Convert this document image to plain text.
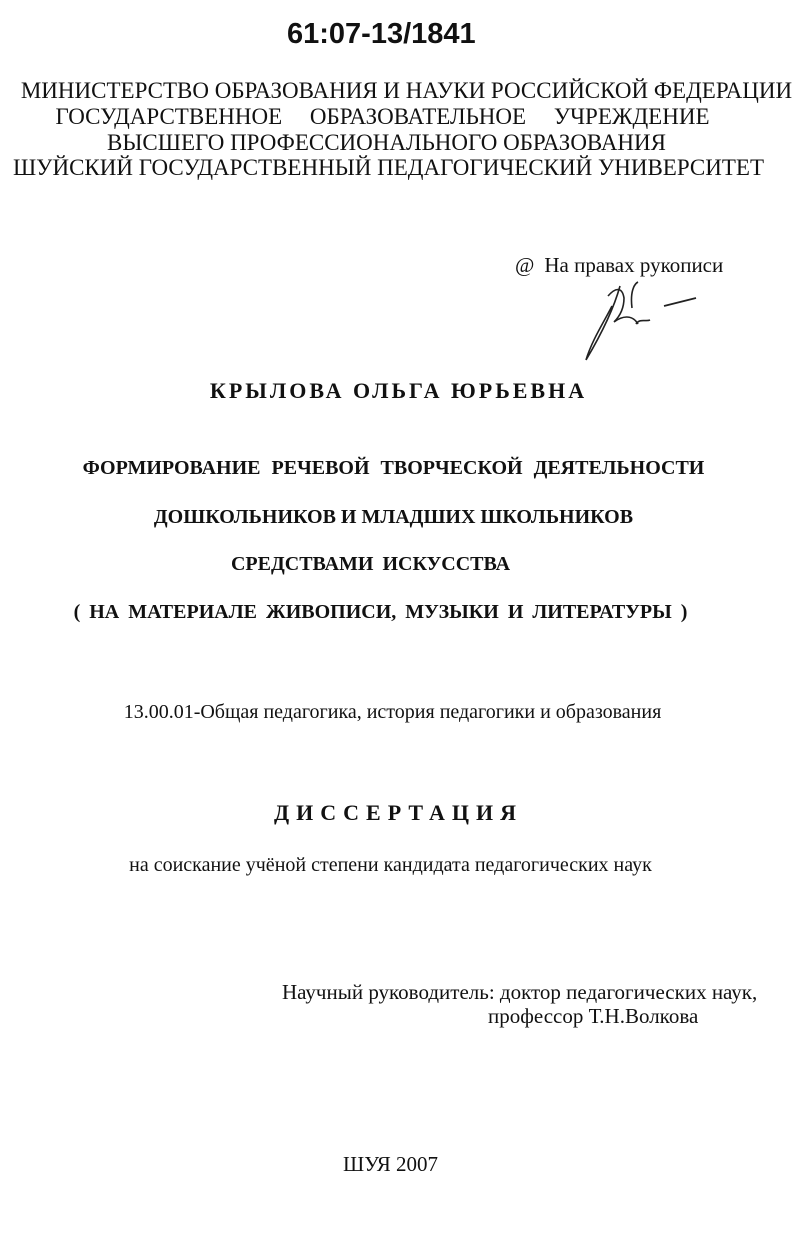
61:07-13/1841
МИНИСТЕРСТВО ОБРАЗОВАНИЯ И НАУКИ РОССИЙСКОЙ ФЕДЕРАЦИИ
ГОСУДАРСТВЕННОЕ ОБРАЗОВАТЕЛЬНОЕ УЧРЕЖДЕНИЕ
ВЫСШЕГО ПРОФЕССИОНАЛЬНОГО ОБРАЗОВАНИЯ
ШУЙСКИЙ ГОСУДАРСТВЕННЫЙ ПЕДАГОГИЧЕСКИЙ УНИВЕРСИТЕТ
@ На правах рукописи
КРЫЛОВА ОЛЬГА ЮРЬЕВНА
ФОРМИРОВАНИЕ РЕЧЕВОЙ ТВОРЧЕСКОЙ ДЕЯТЕЛЬНОСТИ
ДОШКОЛЬНИКОВ И МЛАДШИХ ШКОЛЬНИКОВ
СРЕДСТВАМИ ИСКУССТВА
( НА МАТЕРИАЛЕ ЖИВОПИСИ, МУЗЫКИ И ЛИТЕРАТУРЫ )
13.00.01-Общая педагогика, история педагогики и образования
ДИССЕРТАЦИЯ
на соискание учёной степени кандидата педагогических наук
Научный руководитель: доктор педагогических наук,
профессор Т.Н.Волкова
ШУЯ 2007
